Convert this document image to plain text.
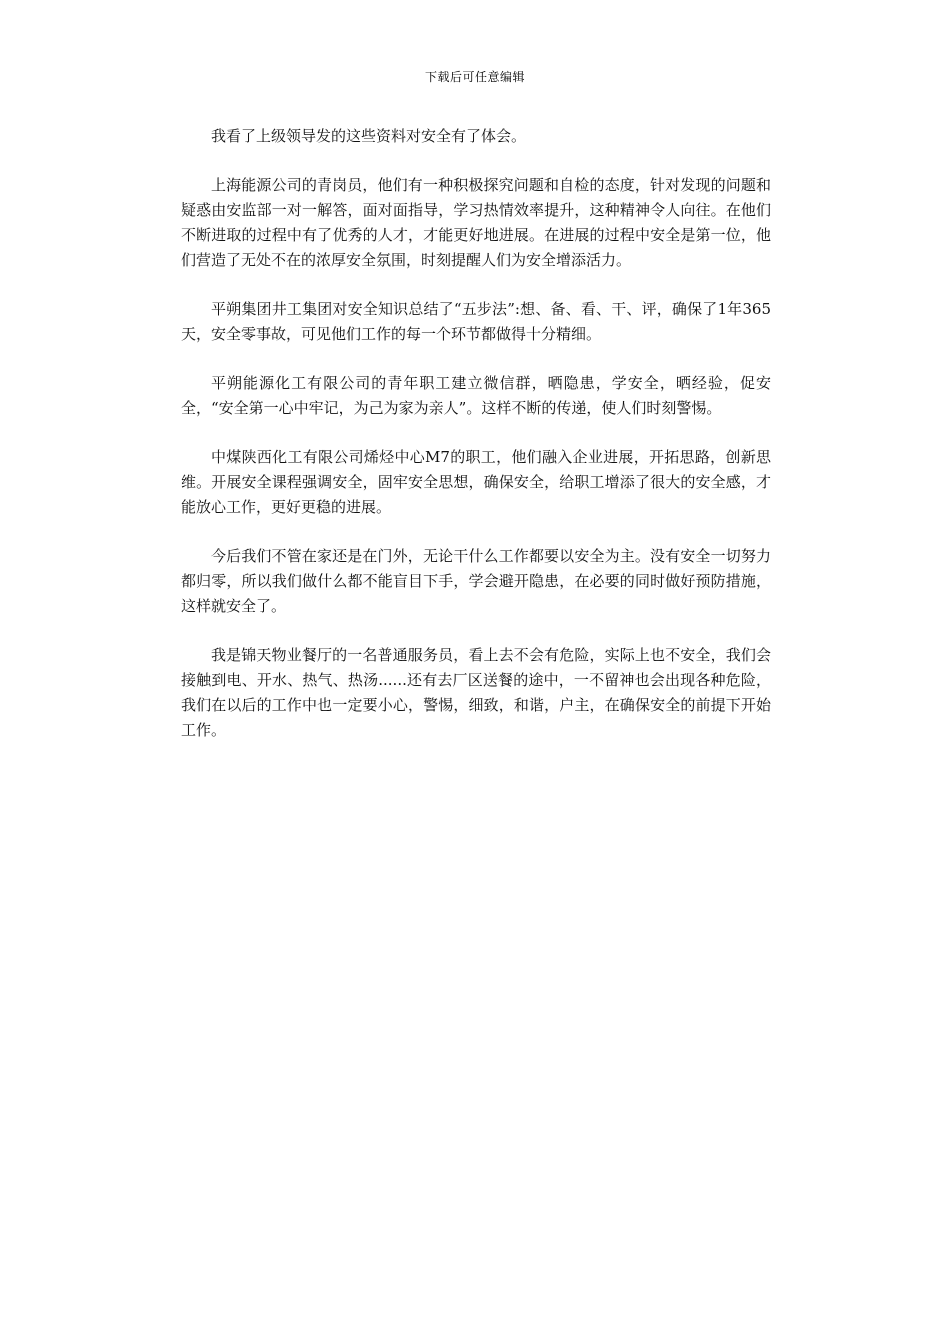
下载后可任意编辑

我看了上级领导发的这些资料对安全有了体会。

上海能源公司的青岗员，他们有一种积极探究问题和自检的态度，针对发现的问题和疑惑由安监部一对一解答，面对面指导，学习热情效率提升，这种精神令人向往。在他们不断进取的过程中有了优秀的人才，才能更好地进展。在进展的过程中安全是第一位，他们营造了无处不在的浓厚安全氛围，时刻提醒人们为安全增添活力。

平朔集团井工集团对安全知识总结了“五步法”:想、备、看、干、评，确保了1年365天，安全零事故，可见他们工作的每一个环节都做得十分精细。

平朔能源化工有限公司的青年职工建立微信群，晒隐患，学安全，晒经验，促安全，“安全第一心中牢记，为己为家为亲人”。这样不断的传递，使人们时刻警惕。

中煤陕西化工有限公司烯烃中心M7的职工，他们融入企业进展，开拓思路，创新思维。开展安全课程强调安全，固牢安全思想，确保安全，给职工增添了很大的安全感，才能放心工作，更好更稳的进展。

今后我们不管在家还是在门外，无论干什么工作都要以安全为主。没有安全一切努力都归零，所以我们做什么都不能盲目下手，学会避开隐患，在必要的同时做好预防措施，这样就安全了。

我是锦天物业餐厅的一名普通服务员，看上去不会有危险，实际上也不安全，我们会接触到电、开水、热气、热汤......还有去厂区送餐的途中，一不留神也会出现各种危险，我们在以后的工作中也一定要小心，警惕，细致，和谐，户主，在确保安全的前提下开始工作。
